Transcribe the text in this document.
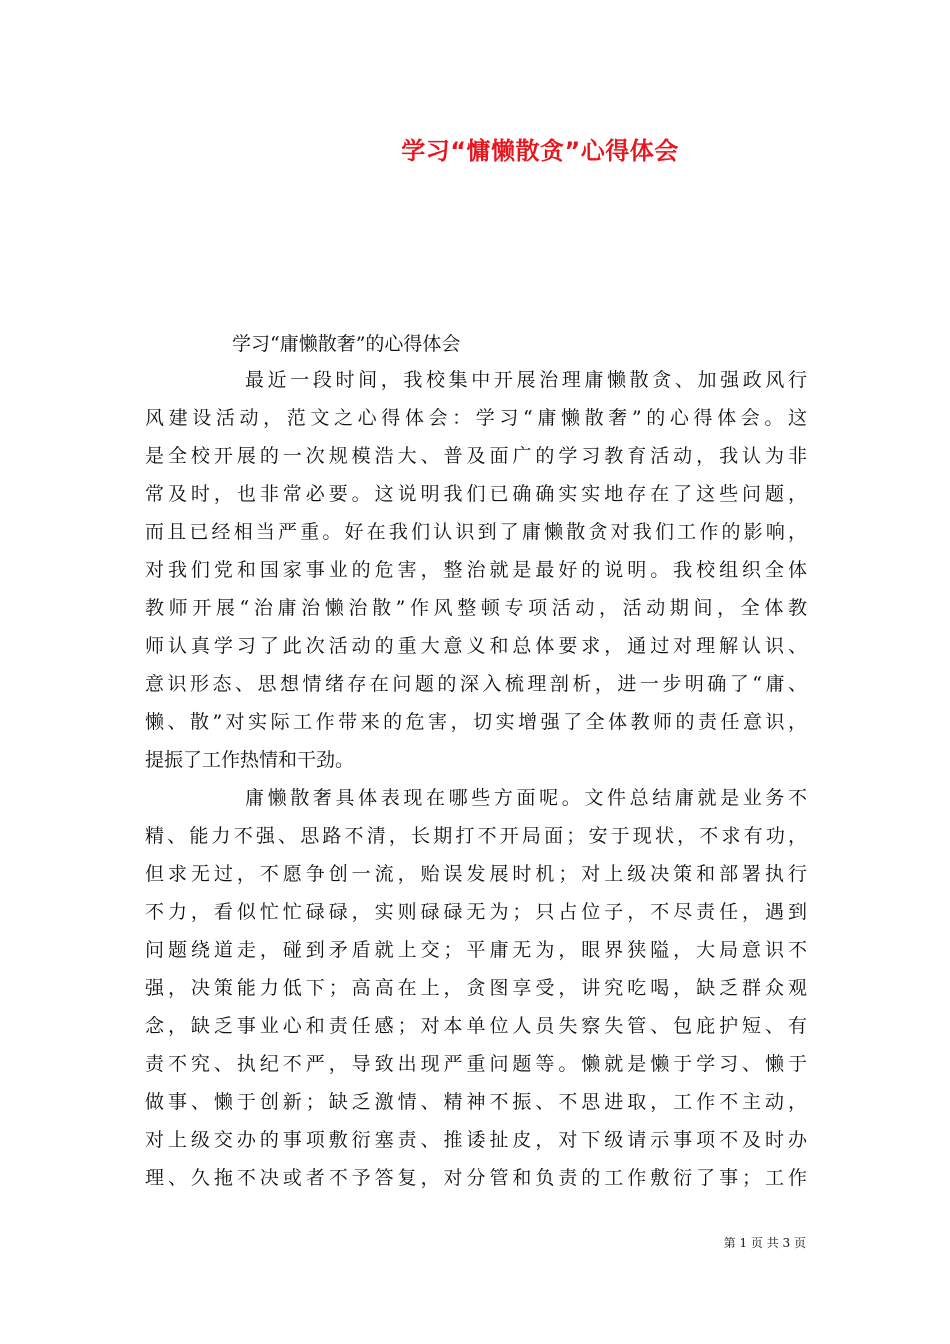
学习“慵懒散贪”心得体会
学习“庸懒散奢”的心得体会
最近一段时间，我校集中开展治理庸懒散贪、加强政风行
风建设活动，范文之心得体会：学习“庸懒散奢”的心得体会。这
是全校开展的一次规模浩大、普及面广的学习教育活动，我认为非
常及时，也非常必要。这说明我们已确确实实地存在了这些问题，
而且已经相当严重。好在我们认识到了庸懒散贪对我们工作的影响，
对我们党和国家事业的危害，整治就是最好的说明。我校组织全体
教师开展“治庸治懒治散”作风整顿专项活动，活动期间，全体教
师认真学习了此次活动的重大意义和总体要求，通过对理解认识、
意识形态、思想情绪存在问题的深入梳理剖析，进一步明确了“庸、
懒、散”对实际工作带来的危害，切实增强了全体教师的责任意识，
提振了工作热情和干劲。
庸懒散奢具体表现在哪些方面呢。文件总结庸就是业务不
精、能力不强、思路不清，长期打不开局面；安于现状，不求有功，
但求无过，不愿争创一流，贻误发展时机；对上级决策和部署执行
不力，看似忙忙碌碌，实则碌碌无为；只占位子，不尽责任，遇到
问题绕道走，碰到矛盾就上交；平庸无为，眼界狭隘，大局意识不
强，决策能力低下；高高在上，贪图享受，讲究吃喝，缺乏群众观
念，缺乏事业心和责任感；对本单位人员失察失管、包庇护短、有
责不究、执纪不严，导致出现严重问题等。懒就是懒于学习、懒于
做事、懒于创新；缺乏激情、精神不振、不思进取，工作不主动，
对上级交办的事项敷衍塞责、推诿扯皮，对下级请示事项不及时办
理、久拖不决或者不予答复，对分管和负责的工作敷衍了事；工作
第 1 页 共 3 页
